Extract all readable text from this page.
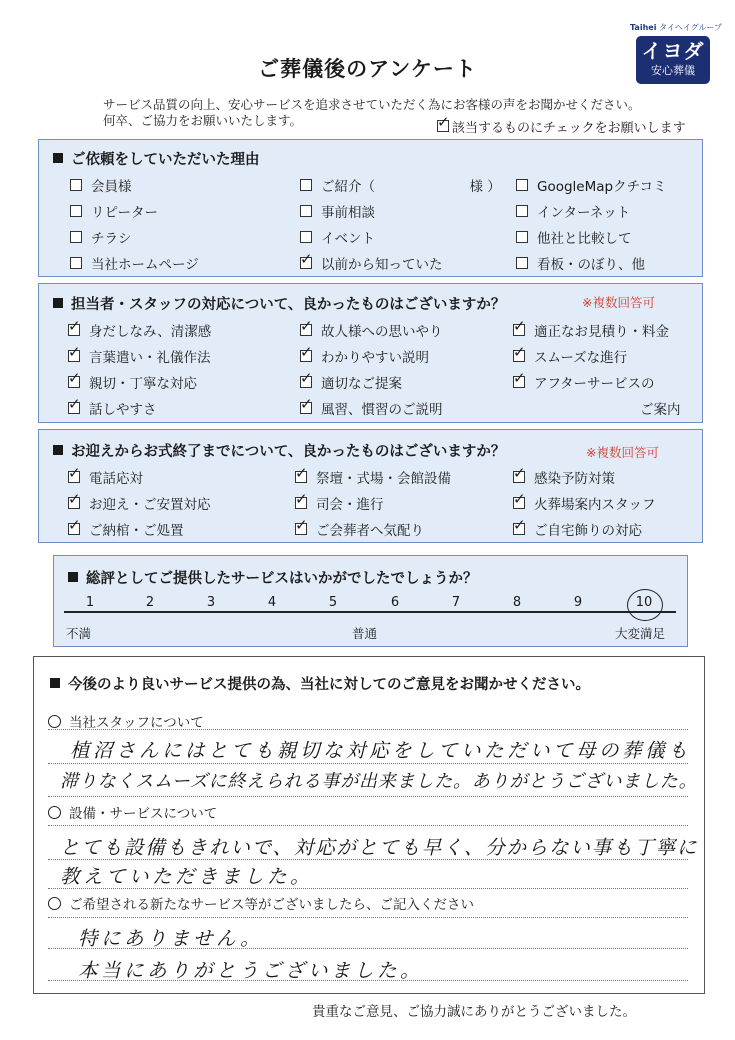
Taihei タイヘイグループ
イヨダ
安心葬儀
ご葬儀後のアンケート
サービス品質の向上、安心サービスを追求させていただく為にお客様の声をお聞かせください。
何卒、ご協力をお願いいたします。
✓該当するものにチェックをお願いします
ご依頼をしていただいた理由
会員様	ご紹介（　　　　　　　様 ）	GoogleMapクチコミ
リピーター	事前相談	インターネット
チラシ	イベント	他社と比較して
当社ホームページ ✓	以前から知っていた	看板・のぼり、他
担当者・スタッフの対応について、良かったものはございますか？	※複数回答可
✓身だしなみ、清潔感 ✓	故人様への思いやり ✓	適正なお見積り・料金
✓言葉遣い・礼儀作法 ✓	わかりやすい説明 ✓	スムーズな進行
✓親切・丁寧な対応 ✓	適切なご提案 ✓	アフターサービスの
✓話しやすさ ✓	風習、慣習のご説明	ご案内
お迎えからお式終了までについて、良かったものはございますか？	※複数回答可
✓電話応対 ✓	祭壇・式場・会館設備 ✓	感染予防対策
✓お迎え・ご安置対応 ✓	司会・進行 ✓	火葬場案内スタッフ
✓ご納棺・ご処置 ✓	ご会葬者へ気配り ✓	ご自宅飾りの対応
総評としてご提供したサービスはいかがでしたでしょうか？
1	2	3	4	5	6	7	8	9	10
不満	普通	大変満足
今後のより良いサービス提供の為、当社に対してのご意見をお聞かせください。
当社スタッフについて
植沼さんにはとても親切な対応をしていただいて母の葬儀も
滞りなくスムーズに終えられる事が出来ました。ありがとうございました。
設備・サービスについて
とても設備もきれいで、対応がとても早く、分からない事も丁寧に
教えていただきました。
ご希望される新たなサービス等がございましたら、ご記入ください
特にありません。
本当にありがとうございました。
貴重なご意見、ご協力誠にありがとうございました。
